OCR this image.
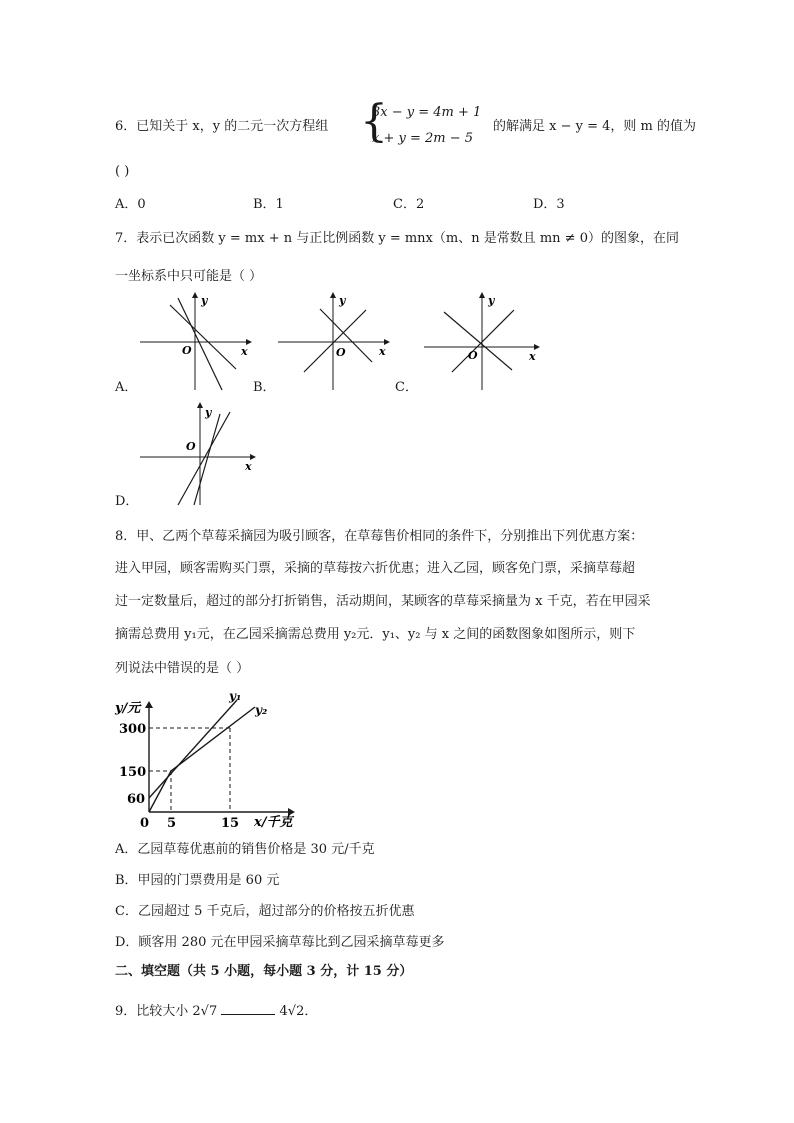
6．已知关于 x，y 的二元一次方程组 {
3x − y = 4m + 1
x + y = 2m − 5
的解满足 x − y = 4，则 m 的值为
( )
A．0	B．1	C．2	D．3
7．表示已次函数 y = mx + n 与正比例函数 y = mnx（m、n 是常数且 mn ≠ 0）的图象，在同
一坐标系中只可能是（ ）
y
x
O
A．
y
x
O
B．
y
x
O
C．
y
x
O
D．
8．甲、乙两个草莓采摘园为吸引顾客，在草莓售价相同的条件下，分别推出下列优惠方案：
进入甲园，顾客需购买门票，采摘的草莓按六折优惠；进入乙园，顾客免门票，采摘草莓超
过一定数量后，超过的部分打折销售，活动期间，某顾客的草莓采摘量为 x 千克，若在甲园采
摘需总费用 y₁元，在乙园采摘需总费用 y₂元．y₁、y₂ 与 x 之间的函数图象如图所示，则下
列说法中错误的是（ ）
y/元
x/千克
y₁
y₂
300
150
60
0 5	15
A．乙园草莓优惠前的销售价格是 30 元/千克
B．甲园的门票费用是 60 元
C．乙园超过 5 千克后，超过部分的价格按五折优惠
D．顾客用 280 元在甲园采摘草莓比到乙园采摘草莓更多
二、填空题（共 5 小题，每小题 3 分，计 15 分）
9．比较大小 2√7	4√2．
